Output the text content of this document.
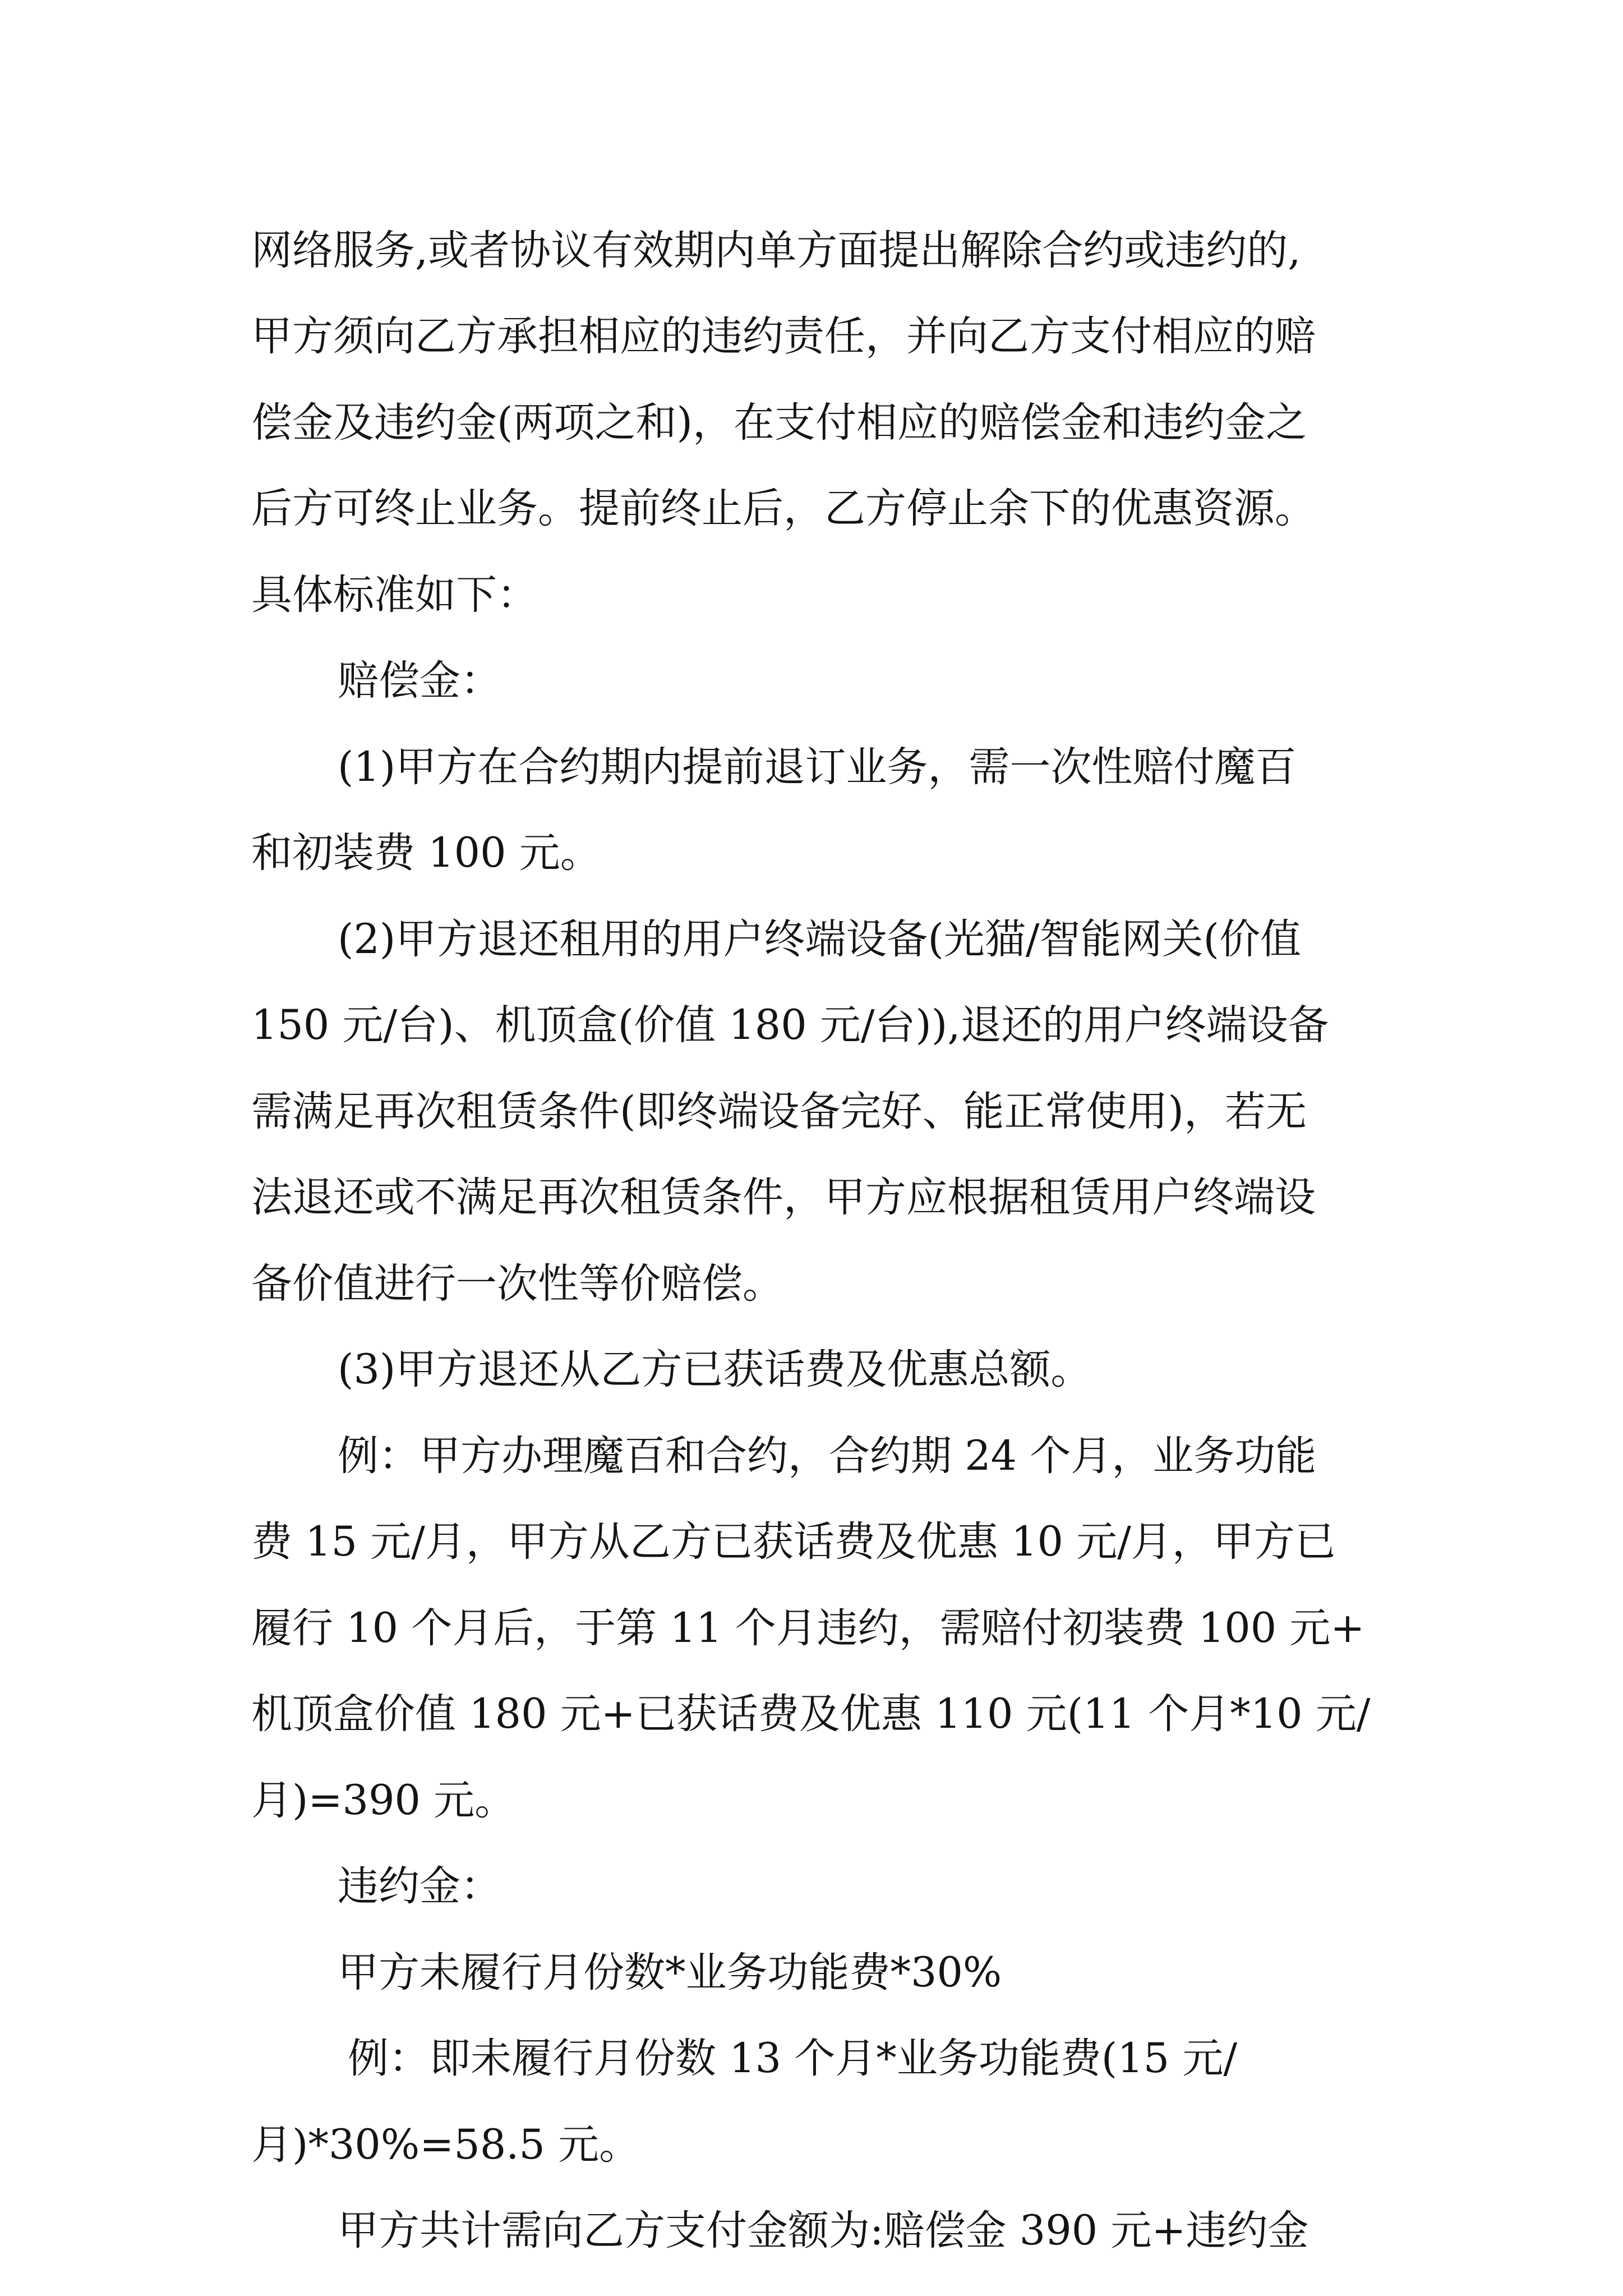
网络服务,或者协议有效期内单方面提出解除合约或违约的,
甲方须向乙方承担相应的违约责任，并向乙方支付相应的赔
偿金及违约金(两项之和)，在支付相应的赔偿金和违约金之
后方可终止业务。提前终止后，乙方停止余下的优惠资源。
具体标准如下：
赔偿金：
(1)甲方在合约期内提前退订业务，需一次性赔付魔百
和初装费 100 元。
(2)甲方退还租用的用户终端设备(光猫/智能网关(价值
150 元/台)、机顶盒(价值 180 元/台)),退还的用户终端设备
需满足再次租赁条件(即终端设备完好、能正常使用)，若无
法退还或不满足再次租赁条件，甲方应根据租赁用户终端设
备价值进行一次性等价赔偿。
(3)甲方退还从乙方已获话费及优惠总额。
例：甲方办理魔百和合约，合约期 24 个月，业务功能
费 15 元/月，甲方从乙方已获话费及优惠 10 元/月，甲方已
履行 10 个月后，于第 11 个月违约，需赔付初装费 100 元+
机顶盒价值 180 元+已获话费及优惠 110 元(11 个月*10 元/
月)=390 元。
违约金：
甲方未履行月份数*业务功能费*30%
例：即未履行月份数 13 个月*业务功能费(15 元/
月)*30%=58.5 元。
甲方共计需向乙方支付金额为:赔偿金 390 元+违约金
